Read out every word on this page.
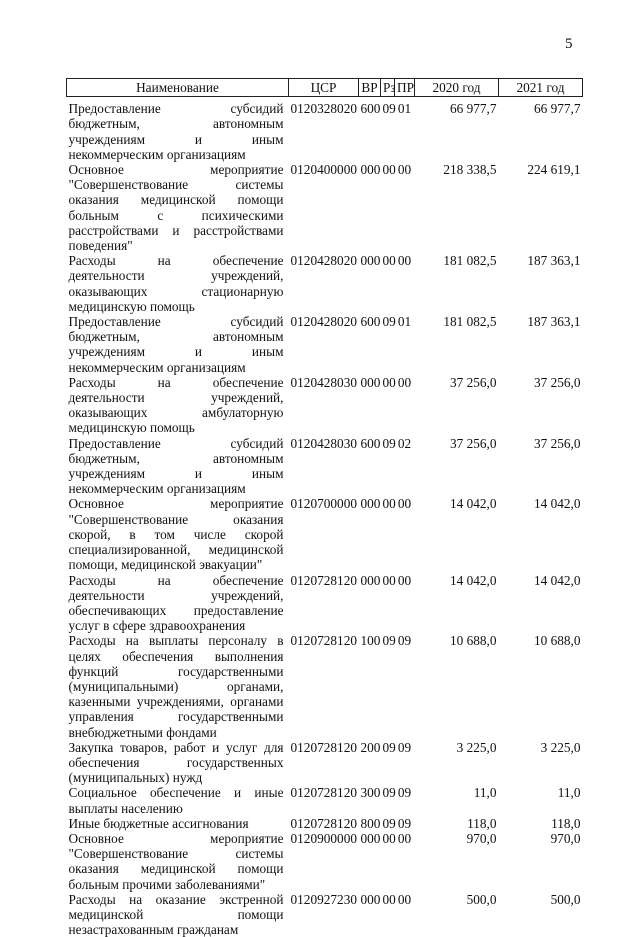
5
Наименование	ЦСР	ВР	Рз	ПР	2020 год	2021 год
Предоставление субсидий бюджетным, автономным учреждениям и иным некоммерческим организациям	0120328020	600	09	01	66 977,7	66 977,7
Основное мероприятие "Совершенствование системы оказания медицинской помощи больным с психическими расстройствами и расстройствами поведения"	0120400000	000	00	00	218 338,5	224 619,1
Расходы на обеспечение деятельности учреждений, оказывающих стационарную медицинскую помощь	0120428020	000	00	00	181 082,5	187 363,1
Предоставление субсидий бюджетным, автономным учреждениям и иным некоммерческим организациям	0120428020	600	09	01	181 082,5	187 363,1
Расходы на обеспечение деятельности учреждений, оказывающих амбулаторную медицинскую помощь	0120428030	000	00	00	37 256,0	37 256,0
Предоставление субсидий бюджетным, автономным учреждениям и иным некоммерческим организациям	0120428030	600	09	02	37 256,0	37 256,0
Основное мероприятие "Совершенствование оказания скорой, в том числе скорой специализированной, медицинской помощи, медицинской эвакуации"	0120700000	000	00	00	14 042,0	14 042,0
Расходы на обеспечение деятельности учреждений, обеспечивающих предоставление услуг в сфере здравоохранения	0120728120	000	00	00	14 042,0	14 042,0
Расходы на выплаты персоналу в целях обеспечения выполнения функций государственными (муниципальными) органами, казенными учреждениями, органами управления государственными внебюджетными фондами	0120728120	100	09	09	10 688,0	10 688,0
Закупка товаров, работ и услуг для обеспечения государственных (муниципальных) нужд	0120728120	200	09	09	3 225,0	3 225,0
Социальное обеспечение и иные выплаты населению	0120728120	300	09	09	11,0	11,0
Иные бюджетные ассигнования	0120728120	800	09	09	118,0	118,0
Основное мероприятие "Совершенствование системы оказания медицинской помощи больным прочими заболеваниями"	0120900000	000	00	00	970,0	970,0
Расходы на оказание экстренной медицинской помощи незастрахованным гражданам	0120927230	000	00	00	500,0	500,0
